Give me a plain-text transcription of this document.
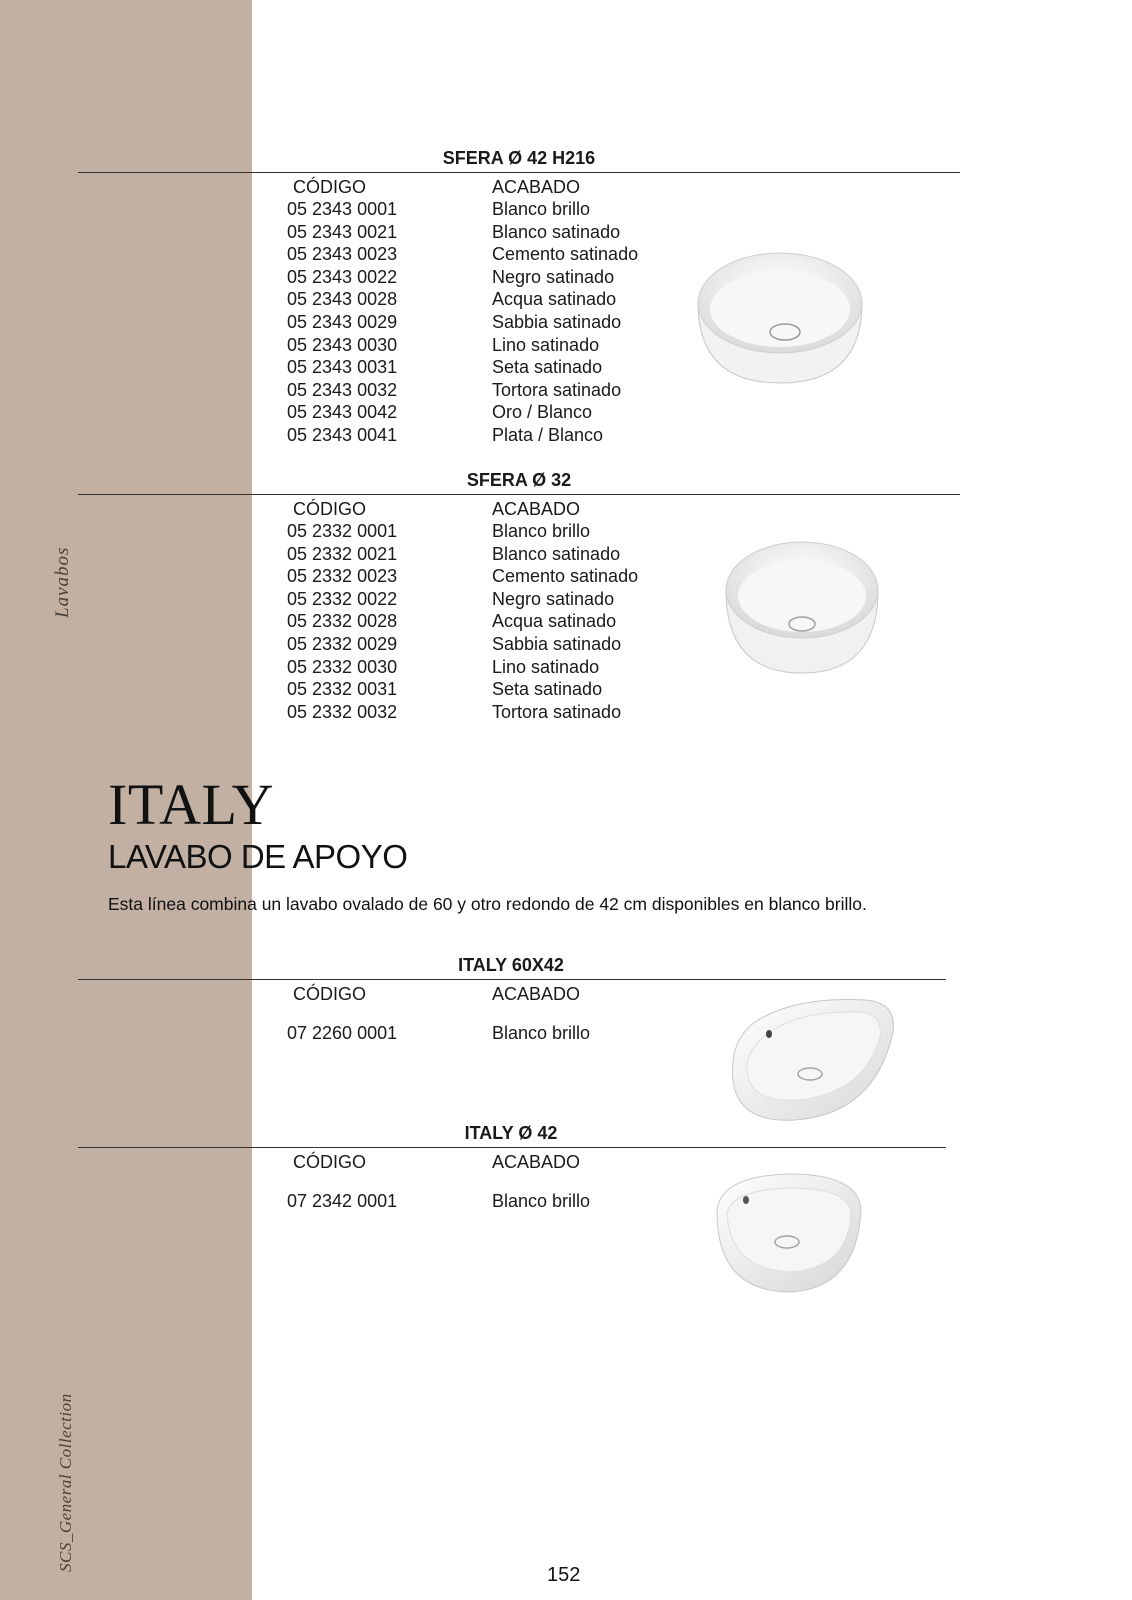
Lavabos
SCS_General Collection
SFERA Ø 42 H216
CÓDIGO	ACABADO
05 2343 0001	Blanco brillo
05 2343 0021	Blanco satinado
05 2343 0023	Cemento satinado
05 2343 0022	Negro satinado
05 2343 0028	Acqua satinado
05 2343 0029	Sabbia satinado
05 2343 0030	Lino satinado
05 2343 0031	Seta satinado
05 2343 0032	Tortora satinado
05 2343 0042	Oro / Blanco
05 2343 0041	Plata / Blanco
SFERA Ø 32
CÓDIGO	ACABADO
05 2332 0001	Blanco brillo
05 2332 0021	Blanco satinado
05 2332 0023	Cemento satinado
05 2332 0022	Negro satinado
05 2332 0028	Acqua satinado
05 2332 0029	Sabbia satinado
05 2332 0030	Lino satinado
05 2332 0031	Seta satinado
05 2332 0032	Tortora satinado
ITALY
LAVABO DE APOYO
Esta línea combina un lavabo ovalado de 60 y otro redondo de 42 cm disponibles en blanco brillo.
ITALY 60X42
CÓDIGO	ACABADO
07 2260 0001	Blanco brillo
ITALY Ø 42
CÓDIGO	ACABADO
07 2342 0001	Blanco brillo
152
